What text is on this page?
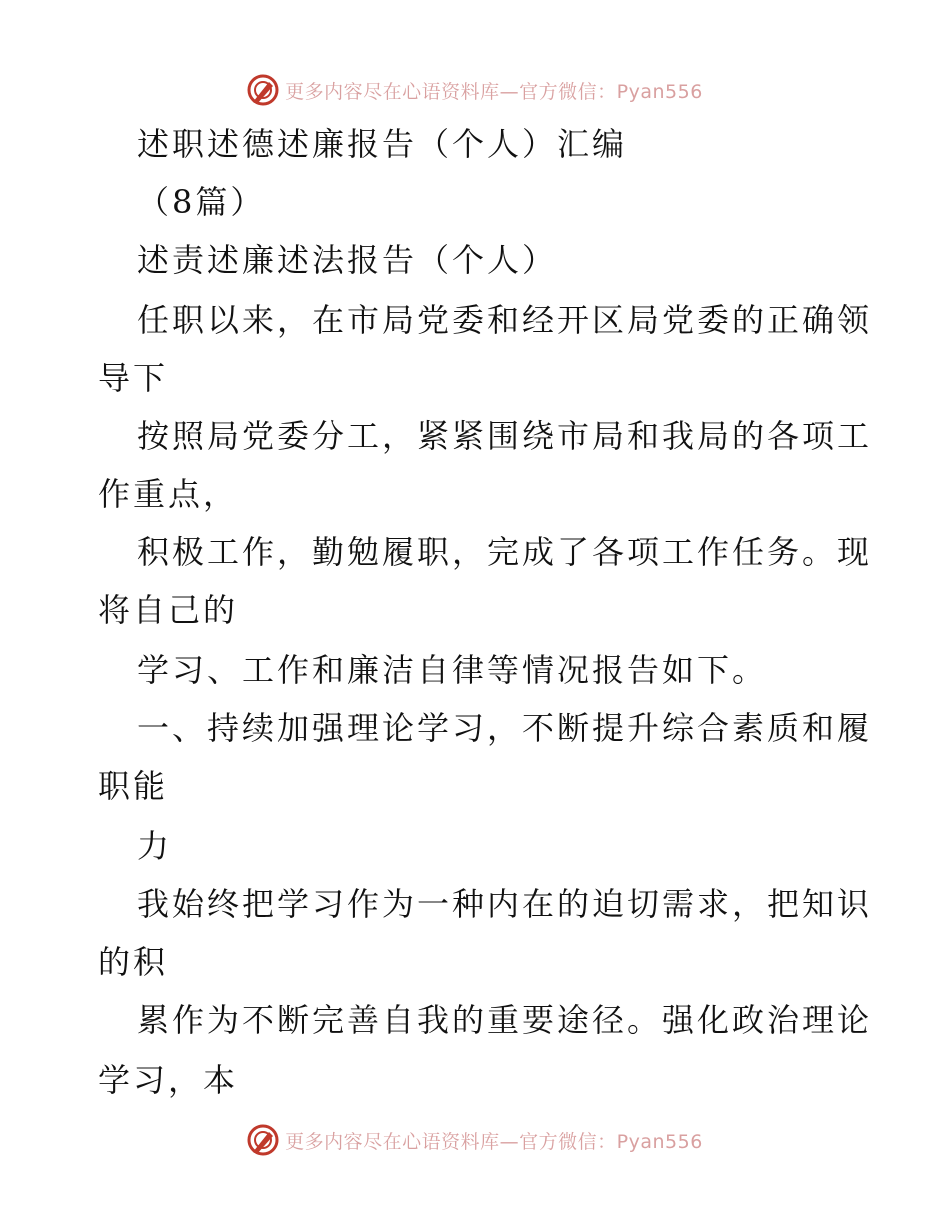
更多内容尽在心语资料库—官方微信：Pyan556
述职述德述廉报告（个人）汇编
（8篇）
述责述廉述法报告（个人）
任职以来，在市局党委和经开区局党委的正确领
导下
按照局党委分工，紧紧围绕市局和我局的各项工
作重点，
积极工作，勤勉履职，完成了各项工作任务。现
将自己的
学习、工作和廉洁自律等情况报告如下。
一、持续加强理论学习，不断提升综合素质和履
职能
力
我始终把学习作为一种内在的迫切需求，把知识
的积
累作为不断完善自我的重要途径。强化政治理论
学习，本
更多内容尽在心语资料库—官方微信：Pyan556
